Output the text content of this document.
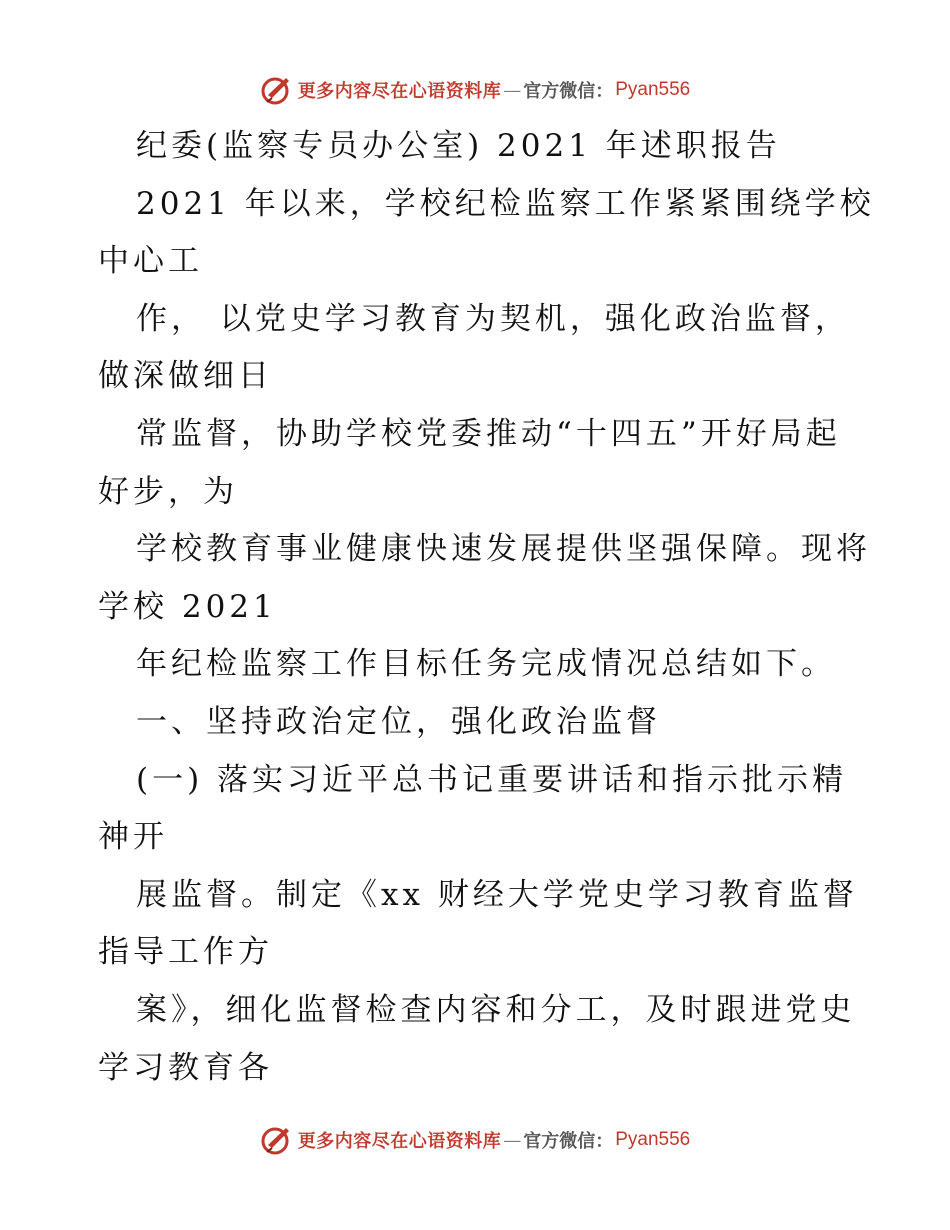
更多内容尽在心语资料库 — 官方微信： Pyan556
纪委(监察专员办公室) 2021 年述职报告
2021 年以来，学校纪检监察工作紧紧围绕学校
中心工
作， 以党史学习教育为契机，强化政治监督，
做深做细日
常监督，协助学校党委推动“十四五”开好局起
好步，为
学校教育事业健康快速发展提供坚强保障。现将
学校 2021
年纪检监察工作目标任务完成情况总结如下。
一、坚持政治定位，强化政治监督
(一) 落实习近平总书记重要讲话和指示批示精
神开
展监督。制定《xx 财经大学党史学习教育监督
指导工作方
案》，细化监督检查内容和分工，及时跟进党史
学习教育各
更多内容尽在心语资料库 — 官方微信： Pyan556
